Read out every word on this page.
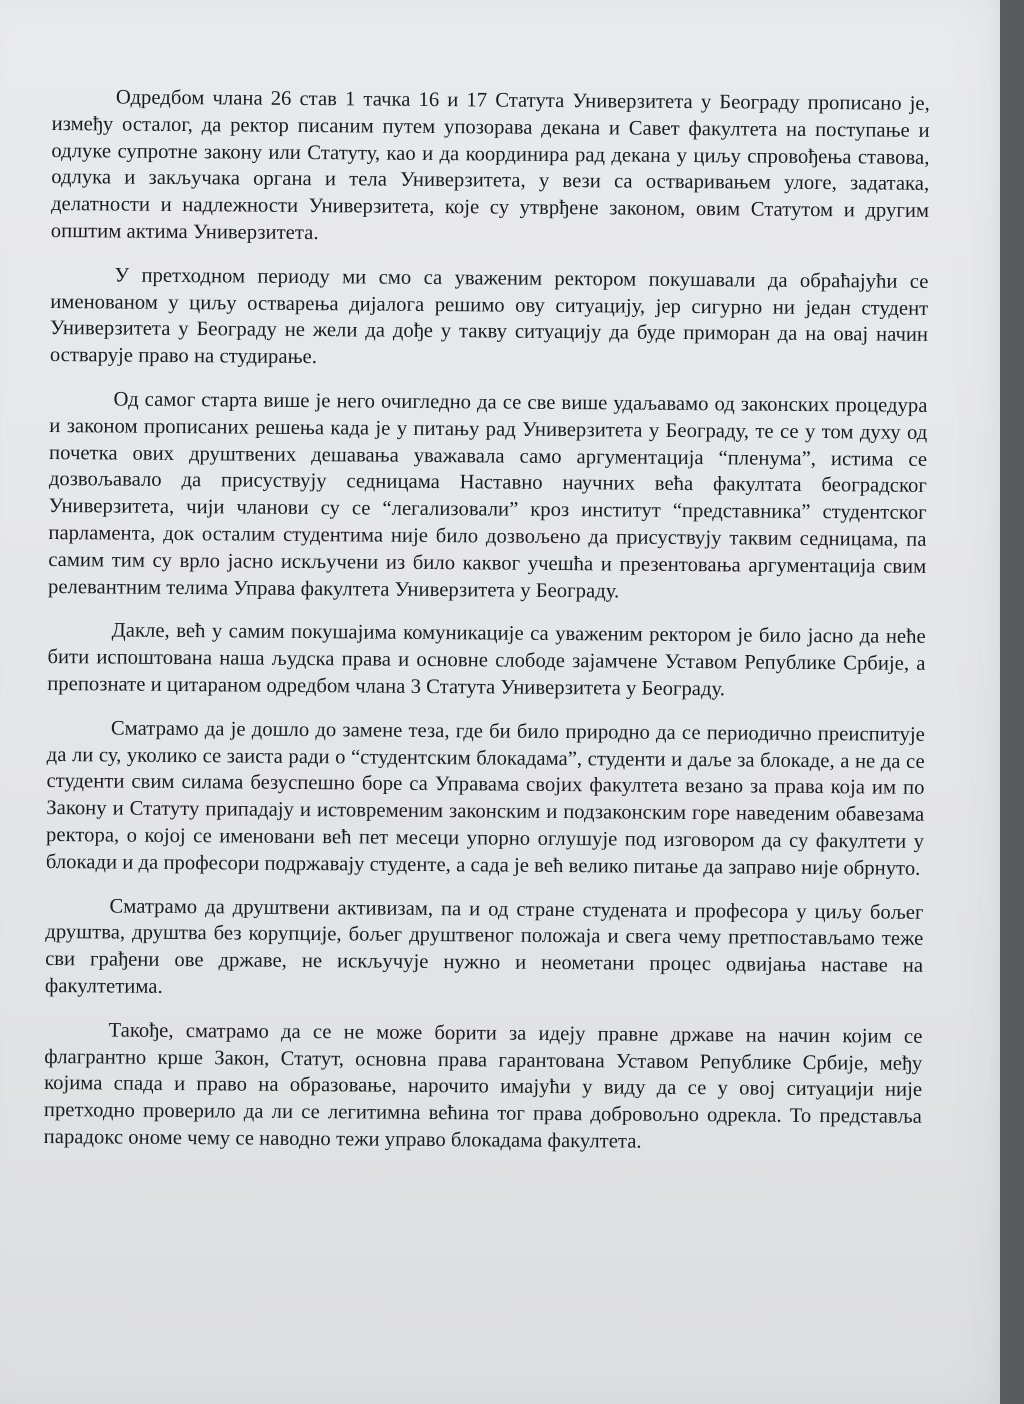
Одредбом члана 26 став 1 тачка 16 и 17 Статута Универзитета у Београду прописано је, између осталог, да ректор писаним путем упозорава декана и Савет факултета на поступање и одлуке супротне закону или Статуту, као и да координира рад декана у циљу спровођења ставова, одлука и закључака органа и тела Универзитета, у вези са остваривањем улоге, задатака, делатности и надлежности Универзитета, које су утврђене законом, овим Статутом и другим општим актима Универзитета.

У претходном периоду ми смо са уваженим ректором покушавали да обраћајући се именованом у циљу остварења дијалога решимо ову ситуацију, јер сигурно ни један студент Универзитета у Београду не жели да дође у такву ситуацију да буде приморан да на овај начин остварује право на студирање.

Од самог старта више је него очигледно да се све више удаљавамо од законских процедура и законом прописаних решења када је у питању рад Универзитета у Београду, те се у том духу од почетка ових друштвених дешавања уважавала само аргументација “пленума”, истима се дозвољавало да присуствују седницама Наставно научних већа факултата београдског Универзитета, чији чланови су се “легализовали” кроз институт “представника” студентског парламента, док осталим студентима није било дозвољено да присуствују таквим седницама, па самим тим су врло јасно искључени из било каквог учешћа и презентовања аргументација свим релевантним телима Управа факултета Универзитета у Београду.

Дакле, већ у самим покушајима комуникације са уваженим ректором је било јасно да неће бити испоштована наша људска права и основне слободе зајамчене Уставом Републике Србије, а препознате и цитараном одредбом члана 3 Статута Универзитета у Београду.

Сматрамо да је дошло до замене теза, где би било природно да се периодично преиспитује да ли су, уколико се заиста ради о “студентским блокадама”, студенти и даље за блокаде, а не да се студенти свим силама безуспешно боре са Управама својих факултета везано за права која им по Закону и Статуту припадају и истовременим законским и подзаконским горе наведеним обавезама ректора, о којој се именовани већ пет месеци упорно оглушује под изговором да су факултети у блокади и да професори подржавају студенте, а сада је већ велико питање да заправо није обрнуто.

Сматрамо да друштвени активизам, па и од стране студената и професора у циљу бољег друштва, друштва без корупције, бољег друштвеног положаја и свега чему претпостављамо теже сви грађени ове државе, не искључује нужно и неометани процес одвијања наставе на факултетима.

Такође, сматрамо да се не може борити за идеју правне државе на начин којим се флагрантно крше Закон, Статут, основна права гарантована Уставом Републике Србије, међу којима спада и право на образовање, нарочито имајући у виду да се у овој ситуацији није претходно проверило да ли се легитимна већина тог права добровољно одрекла. То представља парадокс ономе чему се наводно тежи управо блокадама факултета.
